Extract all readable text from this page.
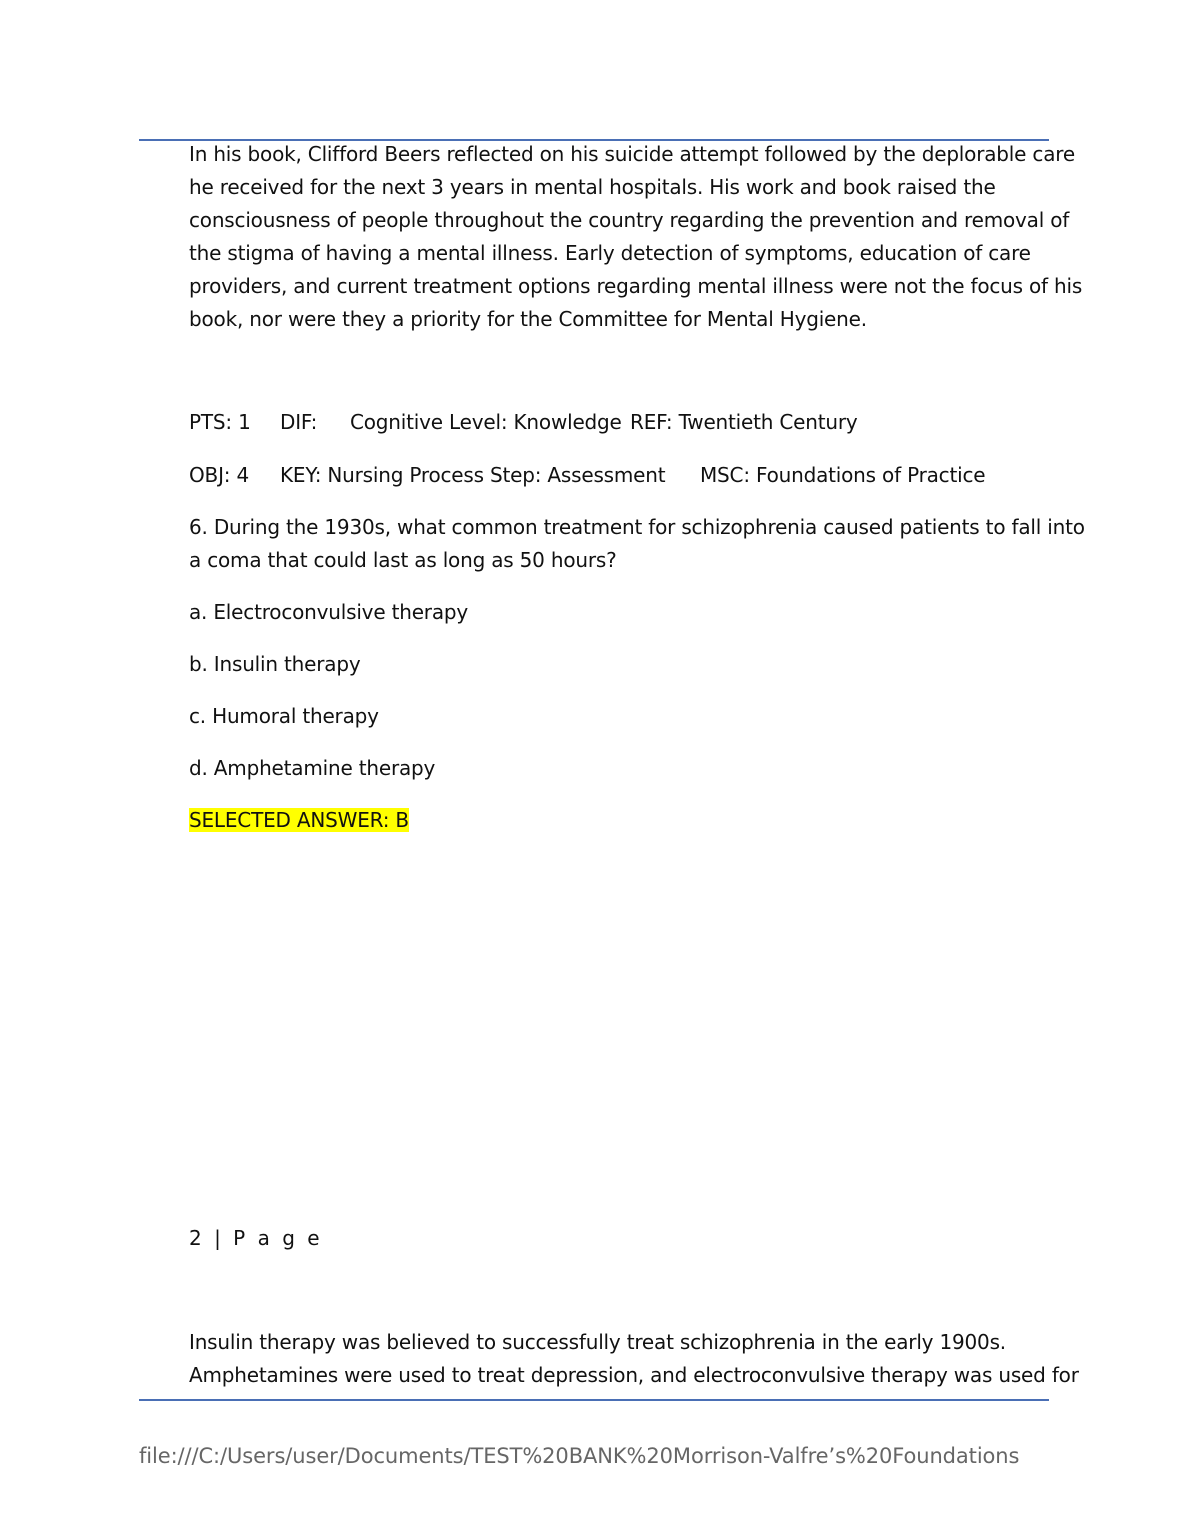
In his book, Clifford Beers reflected on his suicide attempt followed by the deplorable care
he received for the next 3 years in mental hospitals. His work and book raised the
consciousness of people throughout the country regarding the prevention and removal of
the stigma of having a mental illness. Early detection of symptoms, education of care
providers, and current treatment options regarding mental illness were not the focus of his
book, nor were they a priority for the Committee for Mental Hygiene.
PTS: 1 DIF: Cognitive Level: Knowledge REF: Twentieth Century
OBJ: 4 KEY: Nursing Process Step: Assessment MSC: Foundations of Practice
6. During the 1930s, what common treatment for schizophrenia caused patients to fall into
a coma that could last as long as 50 hours?
a. Electroconvulsive therapy
b. Insulin therapy
c. Humoral therapy
d. Amphetamine therapy
SELECTED ANSWER: B
2 | P a g e
Insulin therapy was believed to successfully treat schizophrenia in the early 1900s.
Amphetamines were used to treat depression, and electroconvulsive therapy was used for
file:///C:/Users/user/Documents/TEST%20BANK%20Morrison-Valfre’s%20Foundations
